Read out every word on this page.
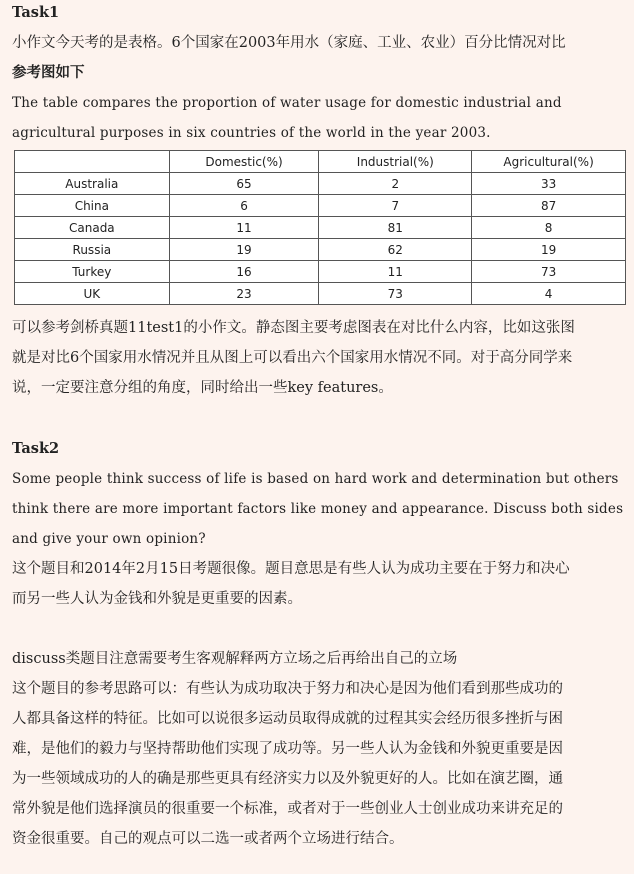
Task1
小作文今天考的是表格。6个国家在2003年用水（家庭、工业、农业）百分比情况对比
参考图如下
The table compares the proportion of water usage for domestic industrial and
agricultural purposes in six countries of the world in the year 2003.
	Domestic(%)	Industrial(%)	Agricultural(%)
Australia	65	2	33
China	6	7	87
Canada	11	81	8
Russia	19	62	19
Turkey	16	11	73
UK	23	73	4
可以参考剑桥真题11test1的小作文。静态图主要考虑图表在对比什么内容，比如这张图
就是对比6个国家用水情况并且从图上可以看出六个国家用水情况不同。对于高分同学来
说，一定要注意分组的角度，同时给出一些key features。
Task2
Some people think success of life is based on hard work and determination but others
think there are more important factors like money and appearance. Discuss both sides
and give your own opinion?
这个题目和2014年2月15日考题很像。题目意思是有些人认为成功主要在于努力和决心
而另一些人认为金钱和外貌是更重要的因素。
discuss类题目注意需要考生客观解释两方立场之后再给出自己的立场
这个题目的参考思路可以：有些认为成功取决于努力和决心是因为他们看到那些成功的
人都具备这样的特征。比如可以说很多运动员取得成就的过程其实会经历很多挫折与困
难，是他们的毅力与坚持帮助他们实现了成功等。另一些人认为金钱和外貌更重要是因
为一些领域成功的人的确是那些更具有经济实力以及外貌更好的人。比如在演艺圈，通
常外貌是他们选择演员的很重要一个标准，或者对于一些创业人士创业成功来讲充足的
资金很重要。自己的观点可以二选一或者两个立场进行结合。
